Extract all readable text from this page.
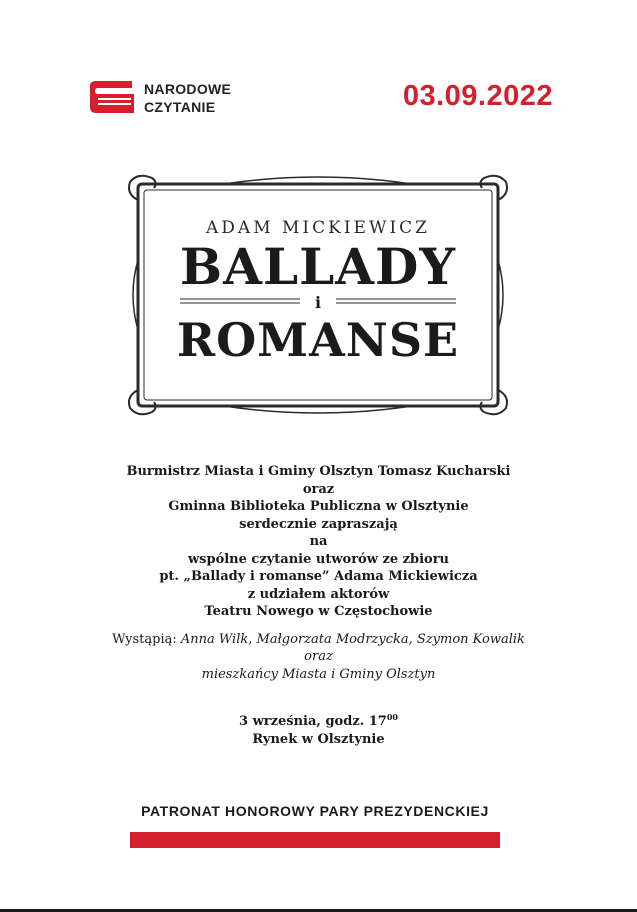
NARODOWE
CZYTANIE	03.09.2022
ADAM MICKIEWICZ
BALLADY
i
ROMANSE
Burmistrz Miasta i Gminy Olsztyn Tomasz Kucharski
oraz
Gminna Biblioteka Publiczna w Olsztynie
serdecznie zapraszają
na
wspólne czytanie utworów ze zbioru
pt. „Ballady i romanse” Adama Mickiewicza
z udziałem aktorów
Teatru Nowego w Częstochowie
Wystąpią: Anna Wilk, Małgorzata Modrzycka, Szymon Kowalik
oraz
mieszkańcy Miasta i Gminy Olsztyn
3 września, godz. $17^{00}$
Rynek w Olsztynie
PATRONAT HONOROWY PARY PREZYDENCKIEJ
